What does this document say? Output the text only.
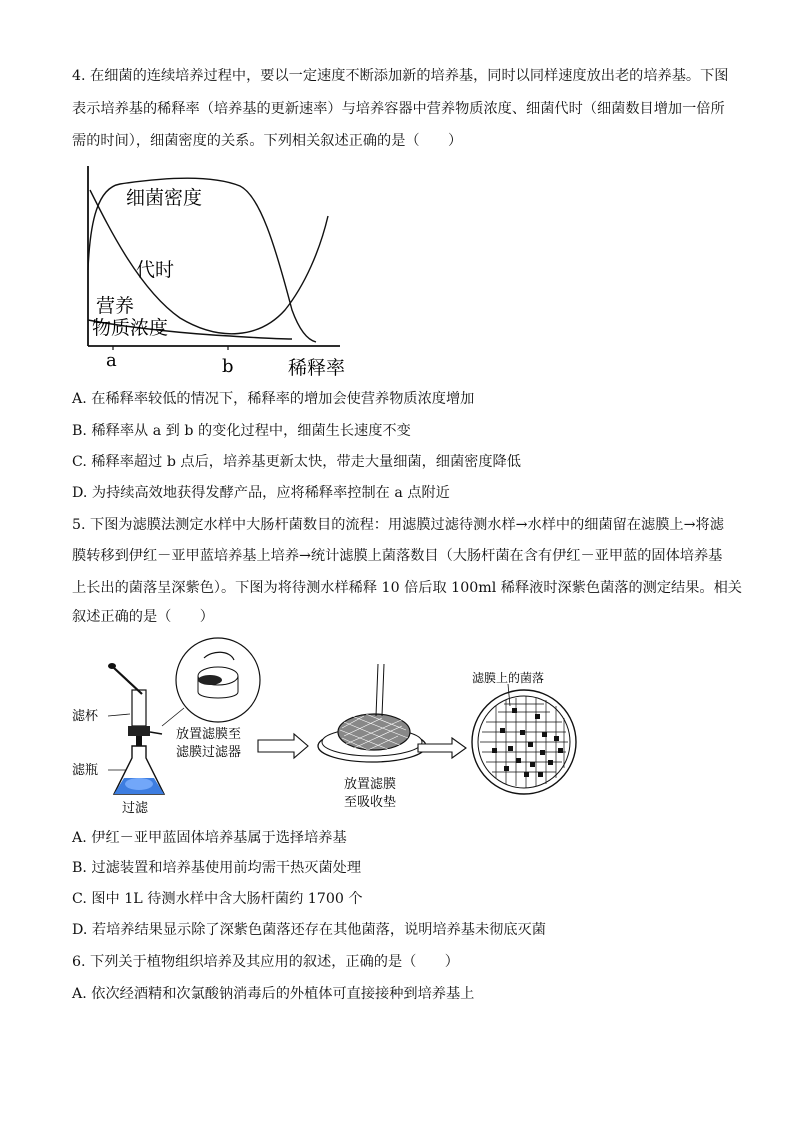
4. 在细菌的连续培养过程中，要以一定速度不断添加新的培养基，同时以同样速度放出老的培养基。下图
表示培养基的稀释率（培养基的更新速率）与培养容器中营养物质浓度、细菌代时（细菌数目增加一倍所
需的时间），细菌密度的关系。下列相关叙述正确的是（　　）
细菌密度
代时
营养
物质浓度
a	b	稀释率
A. 在稀释率较低的情况下，稀释率的增加会使营养物质浓度增加
B. 稀释率从 a 到 b 的变化过程中，细菌生长速度不变
C. 稀释率超过 b 点后，培养基更新太快，带走大量细菌，细菌密度降低
D. 为持续高效地获得发酵产品，应将稀释率控制在 a 点附近
5. 下图为滤膜法测定水样中大肠杆菌数目的流程：用滤膜过滤待测水样→水样中的细菌留在滤膜上→将滤
膜转移到伊红－亚甲蓝培养基上培养→统计滤膜上菌落数目（大肠杆菌在含有伊红－亚甲蓝的固体培养基
上长出的菌落呈深紫色）。下图为将待测水样稀释 10 倍后取 100ml 稀释液时深紫色菌落的测定结果。相关
叙述正确的是（　　）
滤杯
滤瓶
过滤
放置滤膜至
滤膜过滤器
放置滤膜
至吸收垫
滤膜上的菌落
A. 伊红－亚甲蓝固体培养基属于选择培养基
B. 过滤装置和培养基使用前均需干热灭菌处理
C. 图中 1L 待测水样中含大肠杆菌约 1700 个
D. 若培养结果显示除了深紫色菌落还存在其他菌落，说明培养基未彻底灭菌
6. 下列关于植物组织培养及其应用的叙述，正确的是（　　）
A. 依次经酒精和次氯酸钠消毒后的外植体可直接接种到培养基上
